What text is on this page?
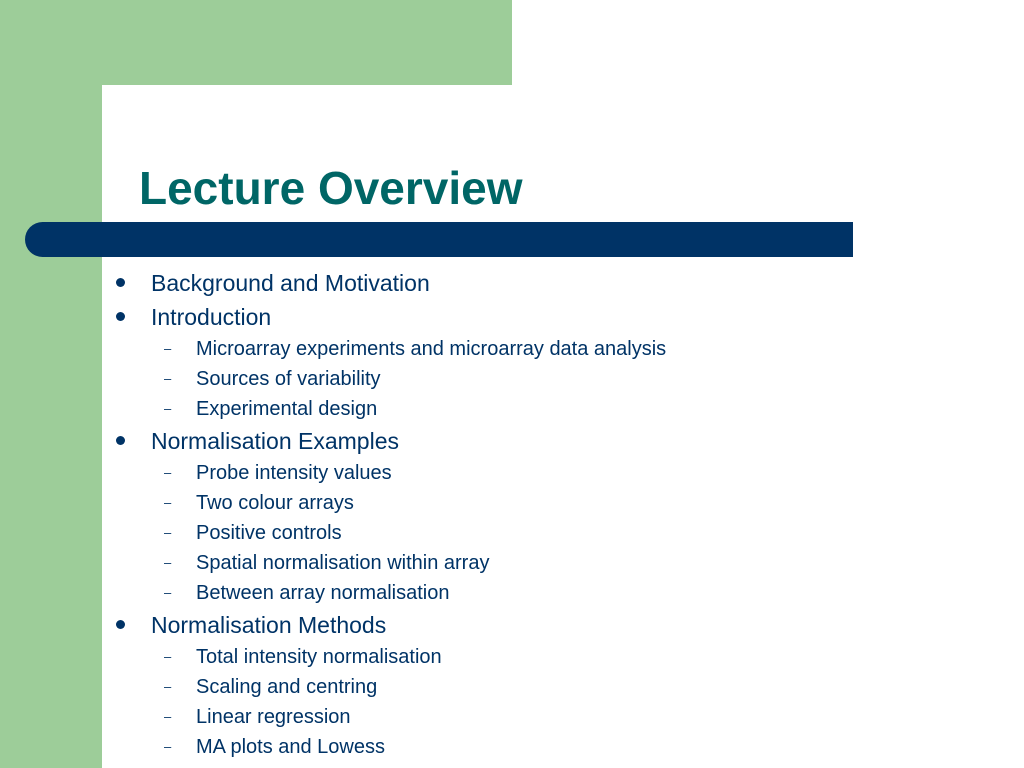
Lecture Overview
Background and Motivation
Introduction
– Microarray experiments and microarray data analysis
– Sources of variability
– Experimental design
Normalisation Examples
– Probe intensity values
– Two colour arrays
– Positive controls
– Spatial normalisation within array
– Between array normalisation
Normalisation Methods
– Total intensity normalisation
– Scaling and centring
– Linear regression
– MA plots and Lowess
